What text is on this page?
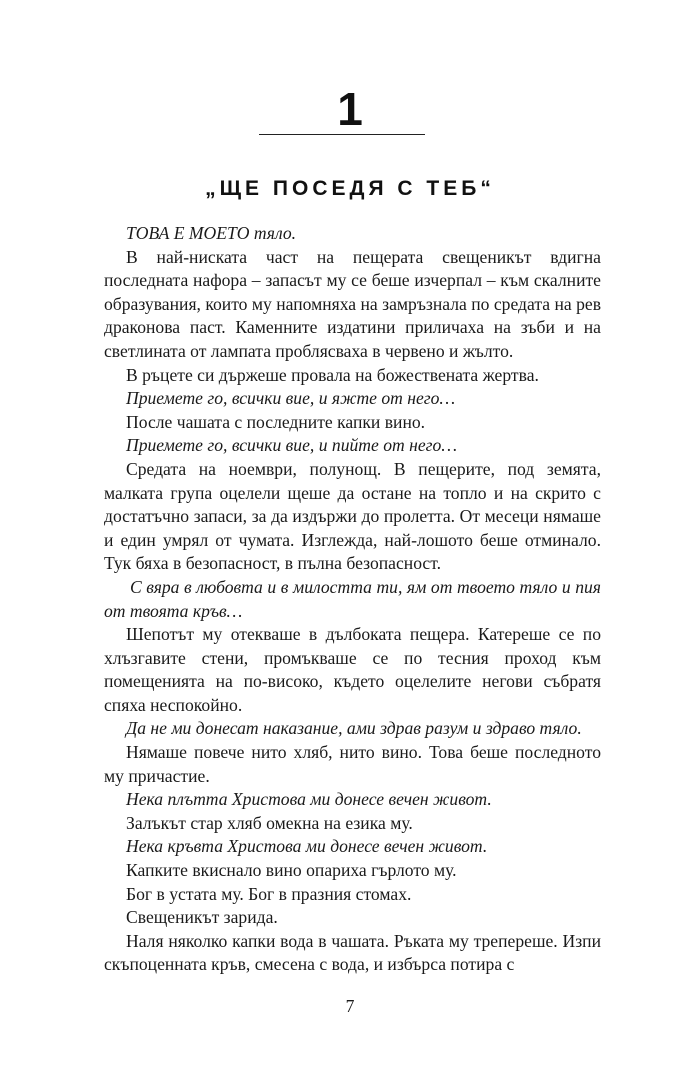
1
„ЩЕ ПОСЕДЯ С ТЕБ“

ТОВА Е МОЕТО тяло.

В най-ниската част на пещерата свещеникът вдигна последната нафора – запасът му се беше изчерпал – към скалните образувания, които му напомняха на замръзнала по средата на рев драконова паст. Каменните издатини приличаха на зъби и на светлината от лампата проблясваха в червено и жълто.

В ръцете си държеше провала на божествената жертва.

Приемете го, всички вие, и яжте от него…

После чашата с последните капки вино.

Приемете го, всички вие, и пийте от него…

Средата на ноември, полунощ. В пещерите, под земята, малката група оцелели щеше да остане на топло и на скрито с достатъчно запаси, за да издържи до пролетта. От месеци нямаше и един умрял от чумата. Изглежда, най-лошото беше отминало. Тук бяха в безопасност, в пълна безопасност.

С вяра в любовта и в милостта ти, ям от твоето тяло и пия от твоята кръв…

Шепотът му отекваше в дълбоката пещера. Катереше се по хлъзгавите стени, промъкваше се по тесния проход към помещенията на по-високо, където оцелелите негови събратя спяха неспокойно.

Да не ми донесат наказание, ами здрав разум и здраво тяло.

Нямаше повече нито хляб, нито вино. Това беше последното му причастие.

Нека плътта Христова ми донесе вечен живот.

Залъкът стар хляб омекна на езика му.

Нека кръвта Христова ми донесе вечен живот.

Капките вкиснало вино опариха гърлото му.

Бог в устата му. Бог в празния стомах.

Свещеникът зарида.

Наля няколко капки вода в чашата. Ръката му трепереше. Изпи скъпоценната кръв, смесена с вода, и избърса потира с

7
